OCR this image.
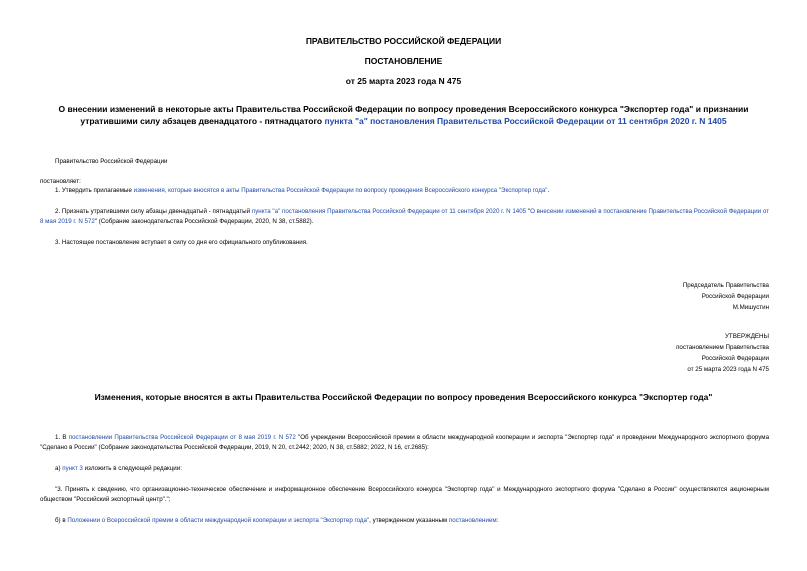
ПРАВИТЕЛЬСТВО РОССИЙСКОЙ ФЕДЕРАЦИИ
ПОСТАНОВЛЕНИЕ
от 25 марта 2023 года N 475
О внесении изменений в некоторые акты Правительства Российской Федерации по вопросу проведения Всероссийского конкурса "Экспортер года" и признании утратившими силу абзацев двенадцатого - пятнадцатого пункта "а" постановления Правительства Российской Федерации от 11 сентября 2020 г. N 1405
Правительство Российской Федерации
постановляет:
1. Утвердить прилагаемые изменения, которые вносятся в акты Правительства Российской Федерации по вопросу проведения Всероссийского конкурса "Экспортер года".
2. Признать утратившими силу абзацы двенадцатый - пятнадцатый пункта "а" постановления Правительства Российской Федерации от 11 сентября 2020 г. N 1405 "О внесении изменений в постановление Правительства Российской Федерации от 8 мая 2019 г. N 572" (Собрание законодательства Российской Федерации, 2020, N 38, ст.5882).
3. Настоящее постановление вступает в силу со дня его официального опубликования.
Председатель Правительства
Российской Федерации
М.Мишустин
УТВЕРЖДЕНЫ
постановлением Правительства
Российской Федерации
от 25 марта 2023 года N 475
Изменения, которые вносятся в акты Правительства Российской Федерации по вопросу проведения Всероссийского конкурса "Экспортер года"
1. В постановлении Правительства Российской Федерации от 8 мая 2019 г. N 572 "Об учреждении Всероссийской премии в области международной кооперации и экспорта "Экспортер года" и проведении Международного экспортного форума "Сделано в России" (Собрание законодательства Российской Федерации, 2019, N 20, ст.2442; 2020, N 38, ст.5882; 2022, N 16, ст.2685):
а) пункт 3 изложить в следующей редакции:
"3. Принять к сведению, что организационно-техническое обеспечение и информационное обеспечение Всероссийского конкурса "Экспортер года" и Международного экспортного форума "Сделано в России" осуществляются акционерным обществом "Российский экспортный центр".";
б) в Положении о Всероссийской премии в области международной кооперации и экспорта "Экспортер года", утвержденном указанным постановлением:
